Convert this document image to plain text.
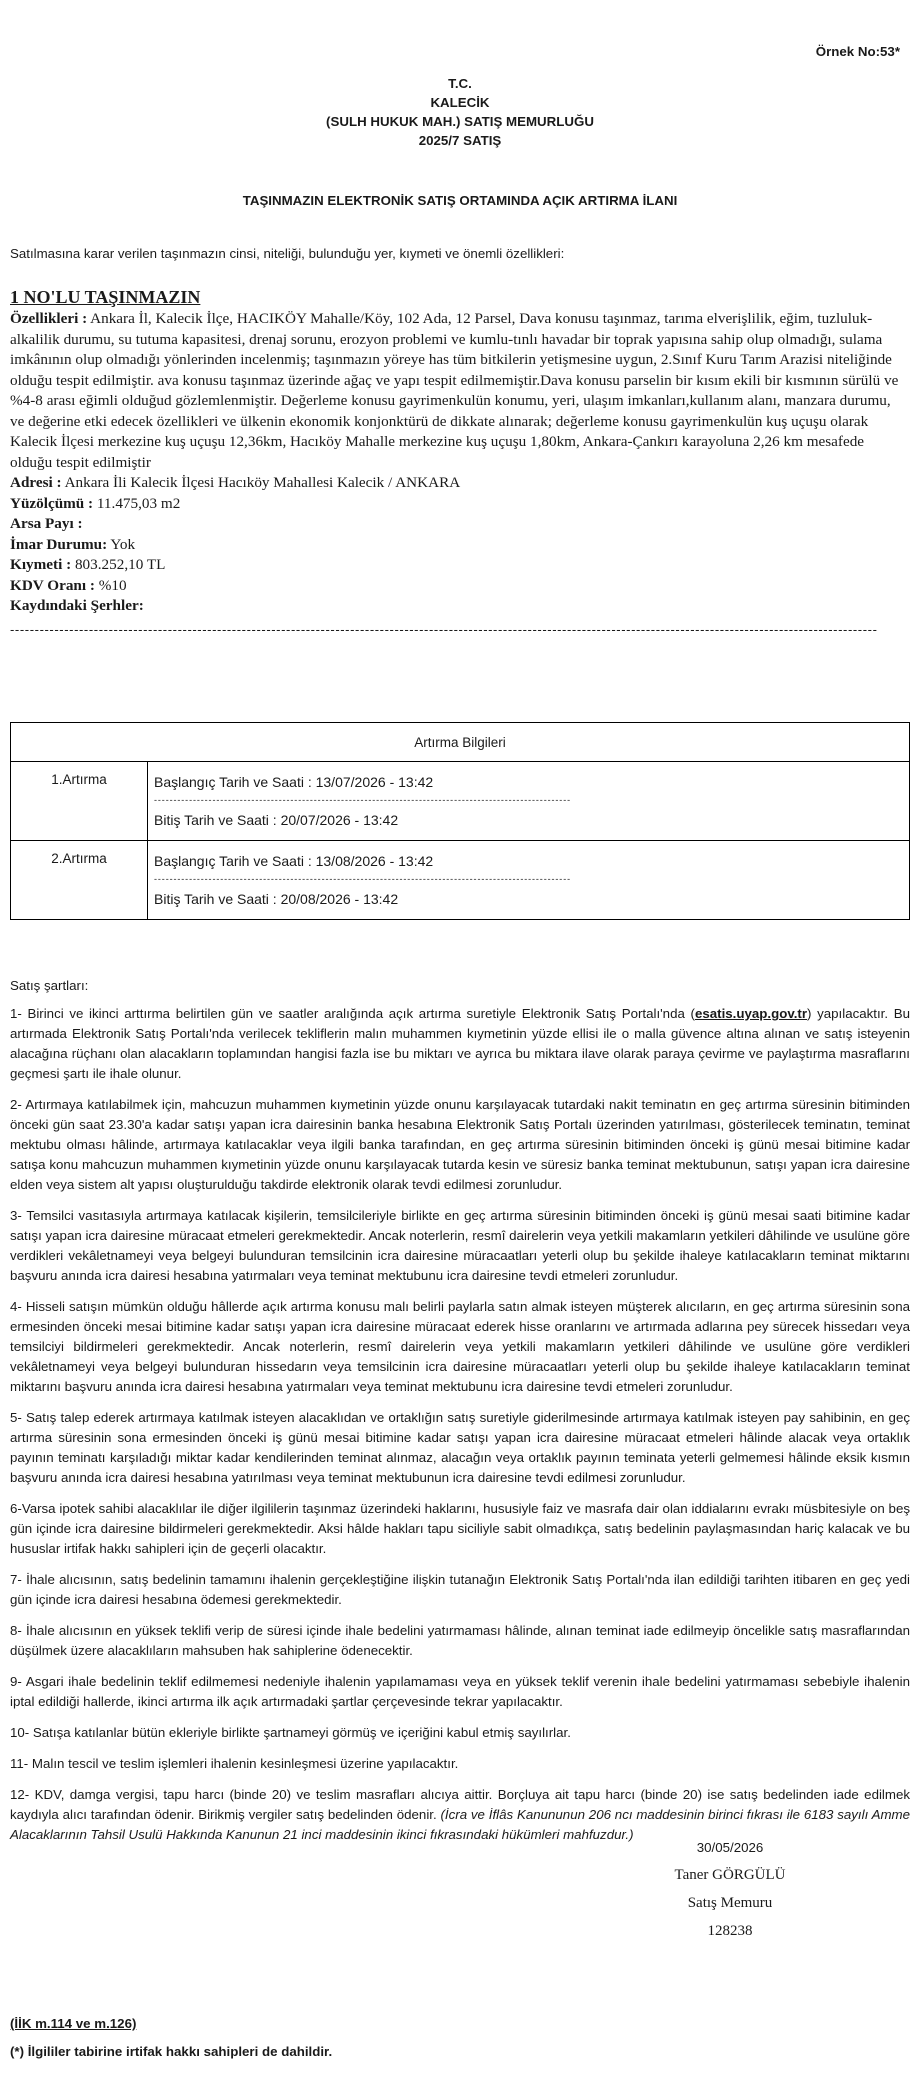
Örnek No:53*
T.C.
KALECİK
(SULH HUKUK MAH.) SATIŞ MEMURLUĞU
2025/7 SATIŞ
TAŞINMAZIN ELEKTRONİK SATIŞ ORTAMINDA AÇIK ARTIRMA İLANI
Satılmasına karar verilen taşınmazın cinsi, niteliği, bulunduğu yer, kıymeti ve önemli özellikleri:
1 NO'LU TAŞINMAZIN
Özellikleri : Ankara İl, Kalecik İlçe, HACIKÖY Mahalle/Köy, 102 Ada, 12 Parsel, Dava konusu taşınmaz, tarıma elverişlilik, eğim, tuzluluk-alkalilik durumu, su tutuma kapasitesi, drenaj sorunu, erozyon problemi ve kumlu-tınlı havadar bir toprak yapısına sahip olup olmadığı, sulama imkânının olup olmadığı yönlerinden incelenmiş; taşınmazın yöreye has tüm bitkilerin yetişmesine uygun, 2.Sınıf Kuru Tarım Arazisi niteliğinde olduğu tespit edilmiştir. ava konusu taşınmaz üzerinde ağaç ve yapı tespit edilmemiştir.Dava konusu parselin bir kısım ekili bir kısmının sürülü ve %4-8 arası eğimli olduğud gözlemlenmiştir. Değerleme konusu gayrimenkulün konumu, yeri, ulaşım imkanları,kullanım alanı, manzara durumu, ve değerine etki edecek özellikleri ve ülkenin ekonomik konjonktürü de dikkate alınarak; değerleme konusu gayrimenkulün kuş uçuşu olarak Kalecik İlçesi merkezine kuş uçuşu 12,36km, Hacıköy Mahalle merkezine kuş uçuşu 1,80km, Ankara-Çankırı karayoluna 2,26 km mesafede olduğu tespit edilmiştir
Adresi : Ankara İli Kalecik İlçesi Hacıköy Mahallesi Kalecik / ANKARA
Yüzölçümü : 11.475,03 m2
Arsa Payı :
İmar Durumu: Yok
Kıymeti : 803.252,10 TL
KDV Oranı : %10
Kaydındaki Şerhler:
--------------------------------------------------------------------------------------------------------------------------------------------------------------------------------
Artırma Bilgileri	
1.Artırma	Başlangıç Tarih ve Saati : 13/07/2026 - 13:42
-----------------------------------------------------------------------------------------------------------
Bitiş Tarih ve Saati : 20/07/2026 - 13:42

2.Artırma	Başlangıç Tarih ve Saati : 13/08/2026 - 13:42
-----------------------------------------------------------------------------------------------------------
Bitiş Tarih ve Saati : 20/08/2026 - 13:42
Satış şartları:

1- Birinci ve ikinci arttırma belirtilen gün ve saatler aralığında açık artırma suretiyle Elektronik Satış Portalı'nda (esatis.uyap.gov.tr) yapılacaktır. Bu artırmada Elektronik Satış Portalı'nda verilecek tekliflerin malın muhammen kıymetinin yüzde ellisi ile o malla güvence altına alınan ve satış isteyenin alacağına rüçhanı olan alacakların toplamından hangisi fazla ise bu miktarı ve ayrıca bu miktara ilave olarak paraya çevirme ve paylaştırma masraflarını geçmesi şartı ile ihale olunur.

2- Artırmaya katılabilmek için, mahcuzun muhammen kıymetinin yüzde onunu karşılayacak tutardaki nakit teminatın en geç artırma süresinin bitiminden önceki gün saat 23.30'a kadar satışı yapan icra dairesinin banka hesabına Elektronik Satış Portalı üzerinden yatırılması, gösterilecek teminatın, teminat mektubu olması hâlinde, artırmaya katılacaklar veya ilgili banka tarafından, en geç artırma süresinin bitiminden önceki iş günü mesai bitimine kadar satışa konu mahcuzun muhammen kıymetinin yüzde onunu karşılayacak tutarda kesin ve süresiz banka teminat mektubunun, satışı yapan icra dairesine elden veya sistem alt yapısı oluşturulduğu takdirde elektronik olarak tevdi edilmesi zorunludur.

3- Temsilci vasıtasıyla artırmaya katılacak kişilerin, temsilcileriyle birlikte en geç artırma süresinin bitiminden önceki iş günü mesai saati bitimine kadar satışı yapan icra dairesine müracaat etmeleri gerekmektedir. Ancak noterlerin, resmî dairelerin veya yetkili makamların yetkileri dâhilinde ve usulüne göre verdikleri vekâletnameyi veya belgeyi bulunduran temsilcinin icra dairesine müracaatları yeterli olup bu şekilde ihaleye katılacakların teminat miktarını başvuru anında icra dairesi hesabına yatırmaları veya teminat mektubunu icra dairesine tevdi etmeleri zorunludur.

4- Hisseli satışın mümkün olduğu hâllerde açık artırma konusu malı belirli paylarla satın almak isteyen müşterek alıcıların, en geç artırma süresinin sona ermesinden önceki mesai bitimine kadar satışı yapan icra dairesine müracaat ederek hisse oranlarını ve artırmada adlarına pey sürecek hissedarı veya temsilciyi bildirmeleri gerekmektedir. Ancak noterlerin, resmî dairelerin veya yetkili makamların yetkileri dâhilinde ve usulüne göre verdikleri vekâletnameyi veya belgeyi bulunduran hissedarın veya temsilcinin icra dairesine müracaatları yeterli olup bu şekilde ihaleye katılacakların teminat miktarını başvuru anında icra dairesi hesabına yatırmaları veya teminat mektubunu icra dairesine tevdi etmeleri zorunludur.

5- Satış talep ederek artırmaya katılmak isteyen alacaklıdan ve ortaklığın satış suretiyle giderilmesinde artırmaya katılmak isteyen pay sahibinin, en geç artırma süresinin sona ermesinden önceki iş günü mesai bitimine kadar satışı yapan icra dairesine müracaat etmeleri hâlinde alacak veya ortaklık payının teminatı karşıladığı miktar kadar kendilerinden teminat alınmaz, alacağın veya ortaklık payının teminata yeterli gelmemesi hâlinde eksik kısmın başvuru anında icra dairesi hesabına yatırılması veya teminat mektubunun icra dairesine tevdi edilmesi zorunludur.

6-Varsa ipotek sahibi alacaklılar ile diğer ilgililerin taşınmaz üzerindeki haklarını, hususiyle faiz ve masrafa dair olan iddialarını evrakı müsbitesiyle on beş gün içinde icra dairesine bildirmeleri gerekmektedir. Aksi hâlde hakları tapu siciliyle sabit olmadıkça, satış bedelinin paylaşmasından hariç kalacak ve bu hususlar irtifak hakkı sahipleri için de geçerli olacaktır.

7- İhale alıcısının, satış bedelinin tamamını ihalenin gerçekleştiğine ilişkin tutanağın Elektronik Satış Portalı'nda ilan edildiği tarihten itibaren en geç yedi gün içinde icra dairesi hesabına ödemesi gerekmektedir.

8- İhale alıcısının en yüksek teklifi verip de süresi içinde ihale bedelini yatırmaması hâlinde, alınan teminat iade edilmeyip öncelikle satış masraflarından düşülmek üzere alacaklıların mahsuben hak sahiplerine ödenecektir.

9- Asgari ihale bedelinin teklif edilmemesi nedeniyle ihalenin yapılamaması veya en yüksek teklif verenin ihale bedelini yatırmaması sebebiyle ihalenin iptal edildiği hallerde, ikinci artırma ilk açık artırmadaki şartlar çerçevesinde tekrar yapılacaktır.

10- Satışa katılanlar bütün ekleriyle birlikte şartnameyi görmüş ve içeriğini kabul etmiş sayılırlar.

11- Malın tescil ve teslim işlemleri ihalenin kesinleşmesi üzerine yapılacaktır.

12- KDV, damga vergisi, tapu harcı (binde 20) ve teslim masrafları alıcıya aittir. Borçluya ait tapu harcı (binde 20) ise satış bedelinden iade edilmek kaydıyla alıcı tarafından ödenir. Birikmiş vergiler satış bedelinden ödenir. (İcra ve İflâs Kanununun 206 ncı maddesinin birinci fıkrası ile 6183 sayılı Amme Alacaklarının Tahsil Usulü Hakkında Kanunun 21 inci maddesinin ikinci fıkrasındaki hükümleri mahfuzdur.)

30/05/2026
Taner GÖRGÜLÜ
Satış Memuru
128238
(İİK m.114 ve m.126)
(*) İlgililer tabirine irtifak hakkı sahipleri de dahildir.
